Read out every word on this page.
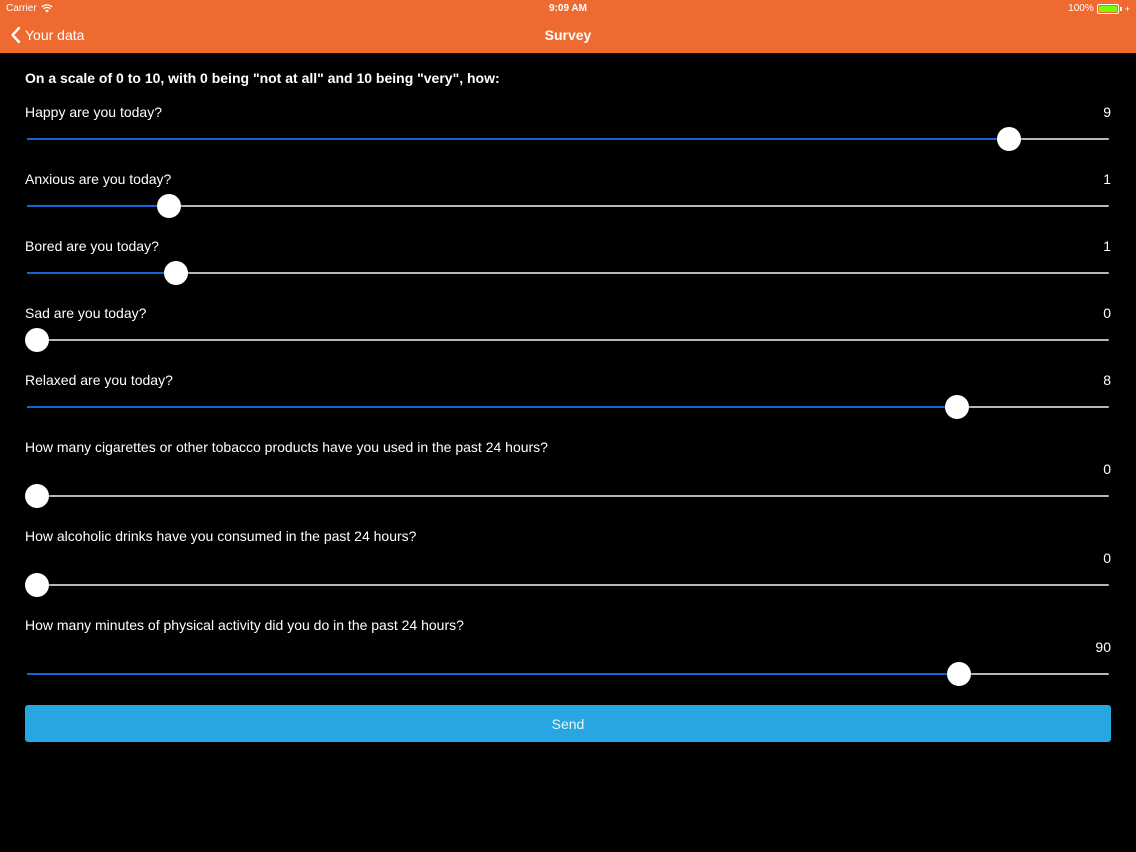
Carrier	9:09 AM	100%	+
Your data	Survey
On a scale of 0 to 10, with 0 being "not at all" and 10 being "very", how:
Happy are you today?	9
Anxious are you today?	1
Bored are you today?	1
Sad are you today?	0
Relaxed are you today?	8
How many cigarettes or other tobacco products have you used in the past 24 hours?
0
How alcoholic drinks have you consumed in the past 24 hours?
0
How many minutes of physical activity did you do in the past 24 hours?
90
Send
